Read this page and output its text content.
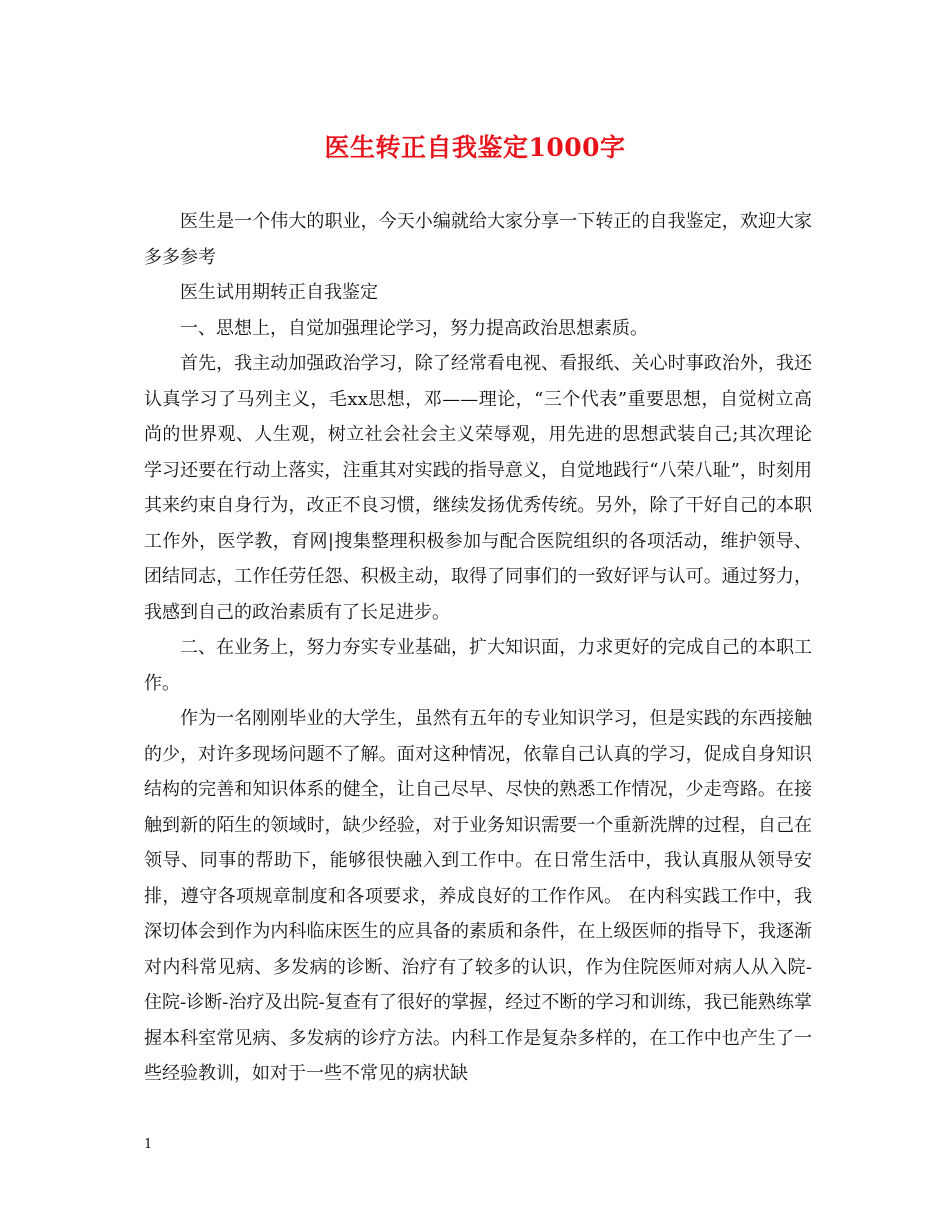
医生转正自我鉴定1000字

医生是一个伟大的职业，今天小编就给大家分享一下转正的自我鉴定，欢迎大家多多参考

医生试用期转正自我鉴定

一、思想上，自觉加强理论学习，努力提高政治思想素质。

首先，我主动加强政治学习，除了经常看电视、看报纸、关心时事政治外，我还认真学习了马列主义，毛xx思想，邓——理论，“三个代表”重要思想，自觉树立高尚的世界观、人生观，树立社会社会主义荣辱观，用先进的思想武装自己;其次理论学习还要在行动上落实，注重其对实践的指导意义，自觉地践行“八荣八耻”，时刻用其来约束自身行为，改正不良习惯，继续发扬优秀传统。另外，除了干好自己的本职工作外，医学教，育网|搜集整理积极参加与配合医院组织的各项活动，维护领导、团结同志，工作任劳任怨、积极主动，取得了同事们的一致好评与认可。通过努力，我感到自己的政治素质有了长足进步。

二、在业务上，努力夯实专业基础，扩大知识面，力求更好的完成自己的本职工作。

作为一名刚刚毕业的大学生，虽然有五年的专业知识学习，但是实践的东西接触的少，对许多现场问题不了解。面对这种情况，依靠自己认真的学习，促成自身知识结构的完善和知识体系的健全，让自己尽早、尽快的熟悉工作情况，少走弯路。在接触到新的陌生的领域时，缺少经验，对于业务知识需要一个重新洗牌的过程，自己在领导、同事的帮助下，能够很快融入到工作中。在日常生活中，我认真服从领导安排，遵守各项规章制度和各项要求，养成良好的工作作风。 在内科实践工作中，我深切体会到作为内科临床医生的应具备的素质和条件，在上级医师的指导下，我逐渐对内科常见病、多发病的诊断、治疗有了较多的认识，作为住院医师对病人从入院-住院-诊断-治疗及出院-复查有了很好的掌握，经过不断的学习和训练，我已能熟练掌握本科室常见病、多发病的诊疗方法。内科工作是复杂多样的，在工作中也产生了一些经验教训，如对于一些不常见的病状缺

1
